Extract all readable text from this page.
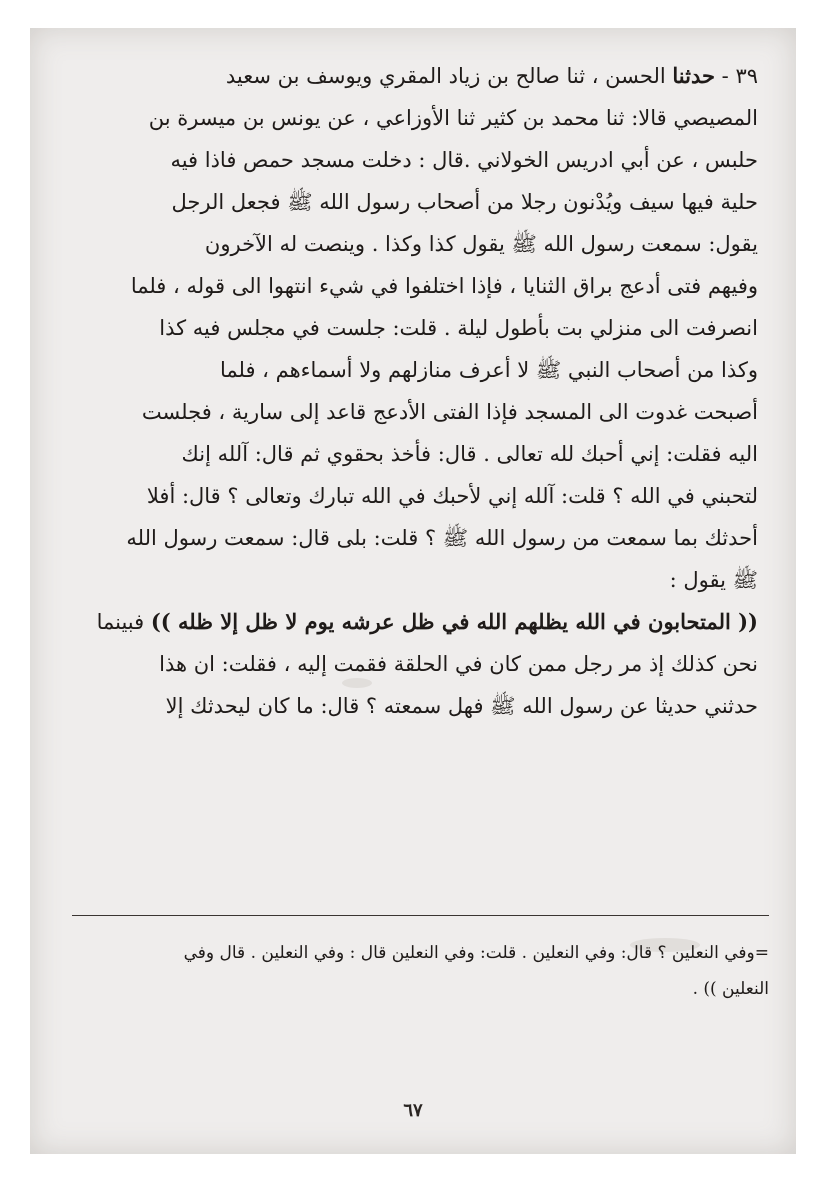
٣٩ - حدثنا الحسن ، ثنا صالح بن زياد المقري ويوسف بن سعيد
المصيصي قالا: ثنا محمد بن كثير ثنا الأوزاعي ، عن يونس بن ميسرة بن
حلبس ، عن أبي ادريس الخولاني .قال : دخلت مسجد حمص فاذا فيه
حلية فيها سيف ويُدْنون رجلا من أصحاب رسول الله ﷺ فجعل الرجل
يقول: سمعت رسول الله ﷺ يقول كذا وكذا . وينصت له الآخرون
وفيهم فتى أدعج براق الثنايا ، فإذا اختلفوا في شيء انتهوا الى قوله ، فلما
انصرفت الى منزلي بت بأطول ليلة . قلت: جلست في مجلس فيه كذا
وكذا من أصحاب النبي ﷺ لا أعرف منازلهم ولا أسماءهم ، فلما
أصبحت غدوت الى المسجد فإذا الفتى الأدعج قاعد إلى سارية ، فجلست
اليه فقلت: إني أحبك لله تعالى . قال: فأخذ بحقوي ثم قال: آلله إنك
لتحبني في الله ؟ قلت: آلله إني لأحبك في الله تبارك وتعالى ؟ قال: أفلا
أحدثك بما سمعت من رسول الله ﷺ ؟ قلت: بلى قال: سمعت رسول الله
ﷺ يقول :
(( المتحابون في الله يظلهم الله في ظل عرشه يوم لا ظل إلا ظله )) فبينما
نحن كذلك إذ مر رجل ممن كان في الحلقة فقمت إليه ، فقلت: ان هذا
حدثني حديثا عن رسول الله ﷺ فهل سمعته ؟ قال: ما كان ليحدثك إلا
=وفي النعلين ؟ قال: وفي النعلين . قلت: وفي النعلين قال : وفي النعلين . قال وفي
النعلين )) .
٦٧
